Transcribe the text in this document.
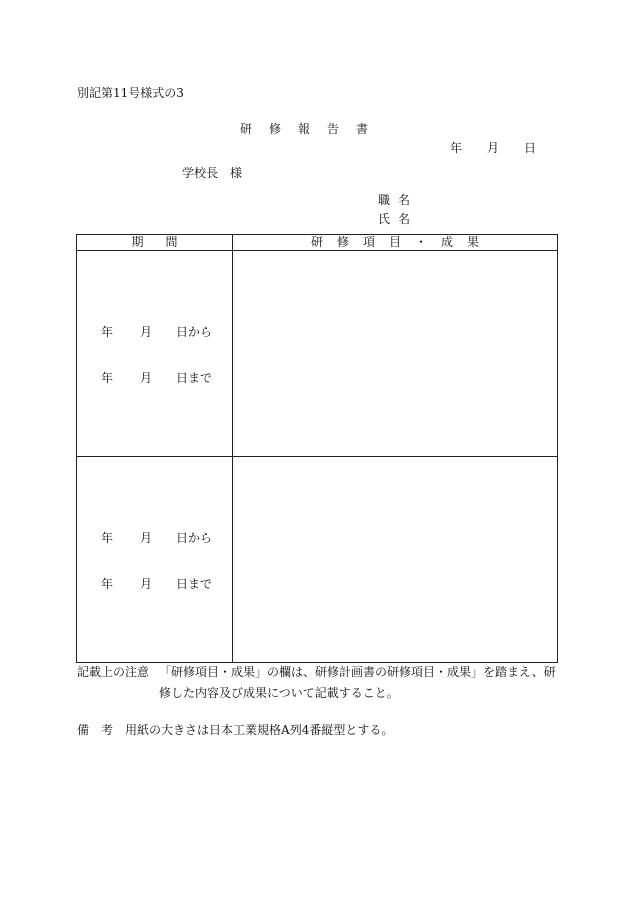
別記第11号様式の3
研 修 報 告 書
年 月 日
学校長　様
職 名
氏 名
期 間	研 修 項 目 ・ 成 果

年 月 日から
年 月 日まで	

年 月 日から
年 月 日まで	

記載上の注意 「研修項目・成果」の欄は、研修計画書の研修項目・成果」を踏まえ、研
修した内容及び成果について記載すること。
備　考　 用紙の大きさは日本工業規格A列4番縦型とする。
